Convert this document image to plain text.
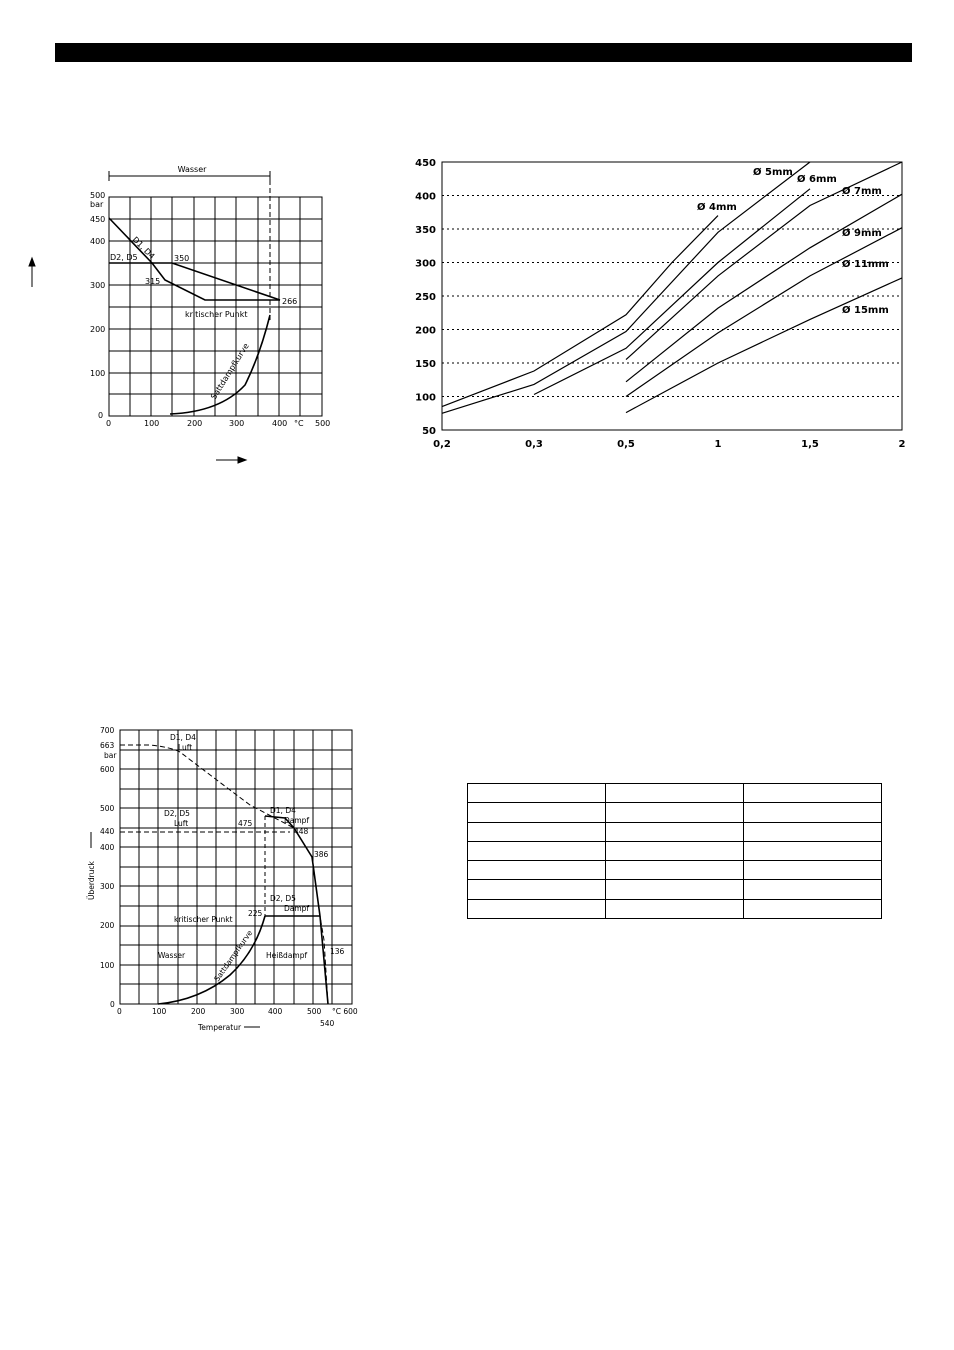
Wasser
500
bar
450
400
300
200
100
0
0	100	200	300	400 °C 500
D1, D4
D2, D5	350
315
266
kritischer Punkt
Sattdampfkurve
50
100
150
200
250
300
350
400
450
0,2	0,3	0,5	1	1,5	2
Ø 4mm
Ø 5mm
Ø 6mm
Ø 7mm
Ø 9mm
Ø 11mm
Ø 15mm
700
663
bar
600
500
440
400
300
200
100
0
0	100	200	300	400	500 °C 600
540
D1, D4
Luft
D2, D5
Luft
D1, D4
Dampf
475
448
386
D2, D5
Dampf
225
kritischer Punkt
136
Wasser	Heißdampf
Sattdampfkurve
Temperatur
Überdruck
